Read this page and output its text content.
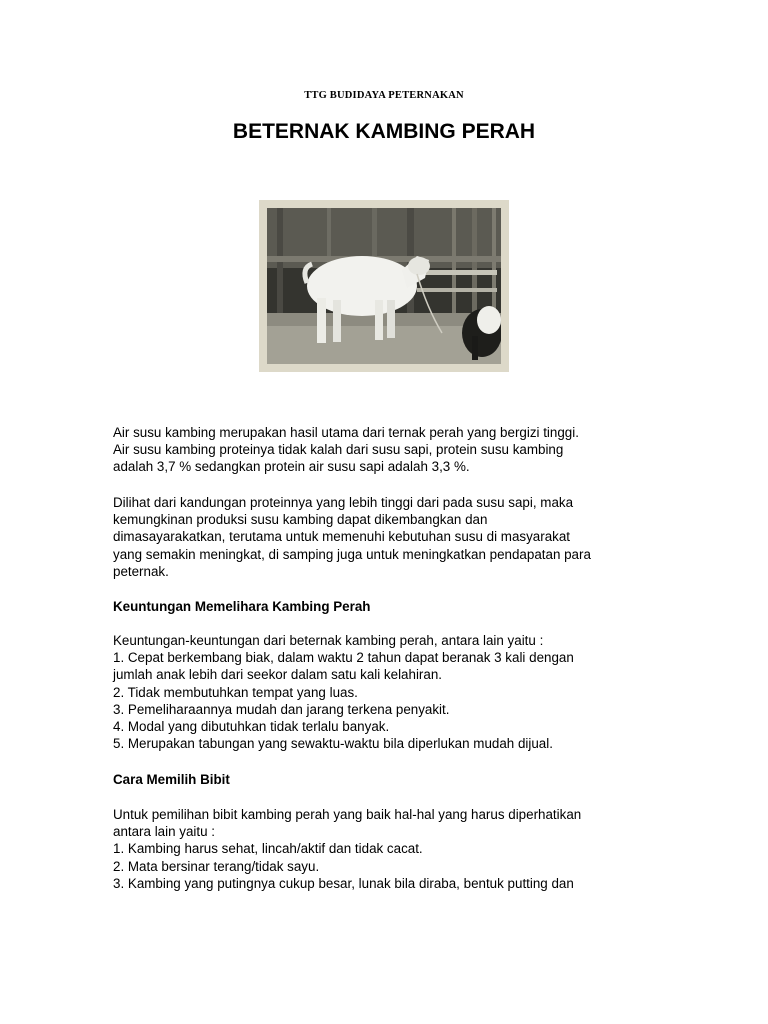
TTG BUDIDAYA PETERNAKAN
BETERNAK KAMBING PERAH

Air susu kambing merupakan hasil utama dari ternak perah yang bergizi tinggi.

Air susu kambing proteinya tidak kalah dari susu sapi, protein susu kambing

adalah 3,7 % sedangkan protein air susu sapi adalah 3,3 %.

Dilihat dari kandungan proteinnya yang lebih tinggi dari pada susu sapi, maka

kemungkinan produksi susu kambing dapat dikembangkan dan

dimasayarakatkan, terutama untuk memenuhi kebutuhan susu di masyarakat

yang semakin meningkat, di samping juga untuk meningkatkan pendapatan para

peternak.

Keuntungan Memelihara Kambing Perah

Keuntungan-keuntungan dari beternak kambing perah, antara lain yaitu :

1. Cepat berkembang biak, dalam waktu 2 tahun dapat beranak 3 kali dengan

jumlah anak lebih dari seekor dalam satu kali kelahiran.

2. Tidak membutuhkan tempat yang luas.

3. Pemeliharaannya mudah dan jarang terkena penyakit.

4. Modal yang dibutuhkan tidak terlalu banyak.

5. Merupakan tabungan yang sewaktu-waktu bila diperlukan mudah dijual.

Cara Memilih Bibit

Untuk pemilihan bibit kambing perah yang baik hal-hal yang harus diperhatikan

antara lain yaitu :

1. Kambing harus sehat, lincah/aktif dan tidak cacat.

2. Mata bersinar terang/tidak sayu.

3. Kambing yang putingnya cukup besar, lunak bila diraba, bentuk putting dan
